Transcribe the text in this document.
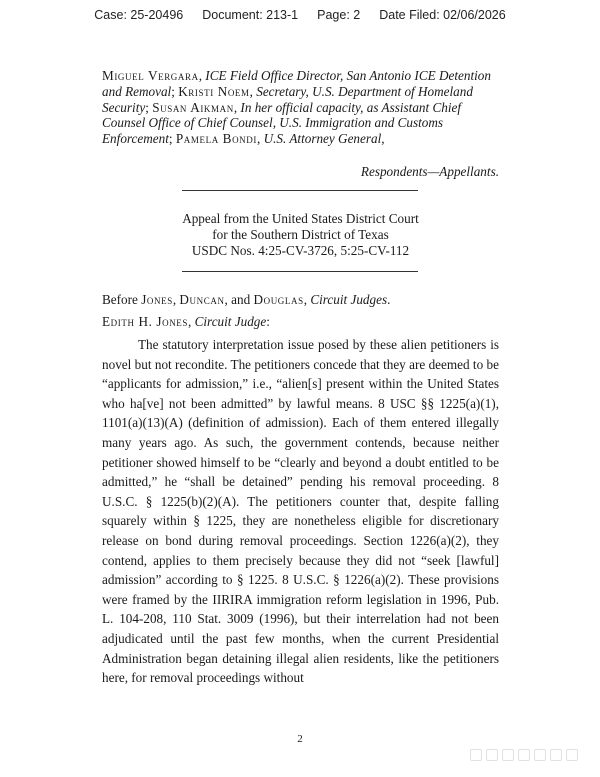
Case: 25-20496 Document: 213-1 Page: 2 Date Filed: 02/06/2026
Miguel Vergara, ICE Field Office Director, San Antonio ICE Detention and Removal; Kristi Noem, Secretary, U.S. Department of Homeland Security; Susan Aikman, In her official capacity, as Assistant Chief Counsel Office of Chief Counsel, U.S. Immigration and Customs Enforcement; Pamela Bondi, U.S. Attorney General,
Respondents—Appellants.
Appeal from the United States District Court
for the Southern District of Texas
USDC Nos. 4:25-CV-3726, 5:25-CV-112
Before Jones, Duncan, and Douglas, Circuit Judges.
Edith H. Jones, Circuit Judge:
The statutory interpretation issue posed by these alien petitioners is novel but not recondite. The petitioners concede that they are deemed to be “applicants for admission,” i.e., “alien[s] present within the United States who ha[ve] not been admitted” by lawful means. 8 USC §§ 1225(a)(1), 1101(a)(13)(A) (definition of admission). Each of them entered illegally many years ago. As such, the government contends, because neither petitioner showed himself to be “clearly and beyond a doubt entitled to be admitted,” he “shall be detained” pending his removal proceeding. 8 U.S.C. § 1225(b)(2)(A). The petitioners counter that, despite falling squarely within § 1225, they are nonetheless eligible for discretionary release on bond during removal proceedings. Section 1226(a)(2), they contend, applies to them precisely because they did not “seek [lawful] admission” according to § 1225. 8 U.S.C. § 1226(a)(2). These provisions were framed by the IIRIRA immigration reform legislation in 1996, Pub. L. 104-208, 110 Stat. 3009 (1996), but their interrelation had not been adjudicated until the past few months, when the current Presidential Administration began detaining illegal alien residents, like the petitioners here, for removal proceedings without
2
